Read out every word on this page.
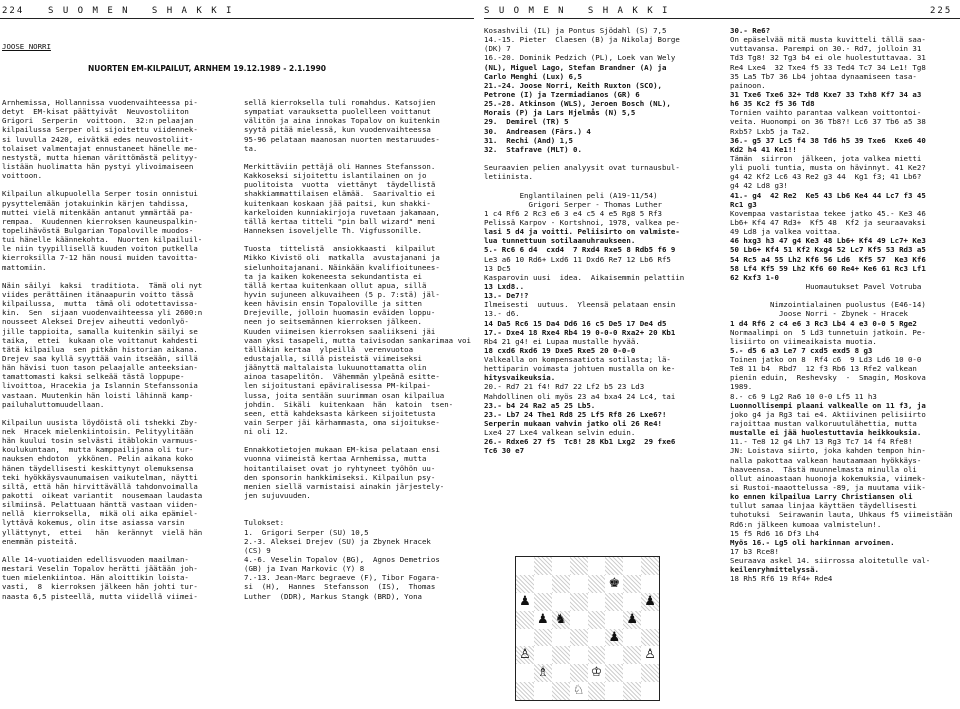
224	S U O M E N   S H A K K I	S U O M E N   S H A K K I	225
JOOSE NORRI
NUORTEN EM-KILPAILUT, ARNHEM 19.12.1989 - 2.1.1990
Arnhemissa, Hollannissa vuodenvaihteessa pi-
detyt  EM-kisat päättyivät  Neuvostoliiton
Grigori  Serperin  voittoon.  32:n pelaajan
kilpailussa Serper oli sijoitettu viidennek-
si luvulla 2420, eivätkä edes neuvostoliit-
tolaiset valmentajat ennustaneet hänelle me-
nestystä, mutta hieman värittömästä pelityy-
listään huolimatta hän pystyi ylivoimaiseen
voittoon.

Kilpailun alkupuolella Serper tosin onnistui
pysyttelemään jotakuinkin kärjen tahdissa,
muttei vielä mitenkään antanut ymmärtää pa-
rempaa.  Kuudennen kierroksen kauneuspalkin-
topelihävöstä Bulgarian Topaloville muodos-
tui hänelle käännekohta.  Nuorten kilpailuil-
le niin tyypillisellä kuuden voiton putkella
kierroksilla 7-12 hän nousi muiden tavoitta-
mattomiin.

Näin säilyi  kaksi  traditiota.  Tämä oli nyt
viides perättäinen itänaapurin voitto tässä
kilpailussa,  mutta  tämä oli odotettavissa-
kin.  Sen  sijaan vuodenvaihteessa yli 2600:n
nousseet Aleksei Drejev aiheutti vedonlyö-
jille tappioita, samalla kuitenkin säilyi se
taika,  ettei  kukaan ole voittanut kahdesti
tätä kilpailua  sen pitkän historian aikana.
Drejev saa kyllä syyttää vain itseään, sillä
hän hävisi tuon tason pelaajalle anteeksian-
tamattomasti kaksi selkeää tästä loppupe-
livoittoa, Hracekia ja Islannin Stefanssonia
vastaan. Muutenkin hän loisti lähinnä kamp-
pailuhaluttomuudellaan.

Kilpailun uusista löydöistä oli tshekki Zby-
nek  Hracek mielenkiintoisin. Pelityylitään
hän kuului tosin selvästi itäblokin varmuus-
koulukuntaan,  mutta kamppailijana oli tur-
nauksen ehdoton  ykkönen. Pelin aikana koko
hänen täydellisesti keskittynyt olemuksensa
teki hyökkäysvaunumaisen vaikutelman, näytti
siltä, että hän hirvittävällä tahdonvoimalla
pakotti  oikeat variantit  nousemaan laudasta
silmiinsä. Pelattuaan hänttä vastaan viiden-
nellä  kierroksella,  mikä oli aika epämiel-
lyttävä kokemus, olin itse asiassa varsin
yllättynyt,  ettei   hän  kerännyt  vielä hän
enemmän pisteitä.

Alle 14-vuotiaiden edellisvuoden maailman-
mestari Veselin Topalov herätti jäätään joh-
tuen mielenkiintoa. Hän aloittikin loista-
vasti,  8  kierroksen jälkeen hän johti tur-
naasta 6,5 pisteellä, mutta viidellä viimei-
sellä kierroksella tuli romahdus. Katsojien
sympatiat varauksetta puolelleen voittanut
välitön ja aina innokas Topalov on kuitenkin
syytä pitää mielessä, kun vuodenvaihteessa
95-96 pelataan maanosan nuorten mestaruudes-
ta.

Merkittäviin pettäjä oli Hannes Stefansson.
Kakkoseksi sijoitettu islantilainen on jo
puolitoista  vuotta  viettänyt  täydellistä
shakkiammattilaisen elämää.  Saarivaltio ei
kuitenkaan koskaan jää paitsi, kun shakki-
karkeloiden kunniakirjoja ruvetaan jakamaan,
tällä kertaa titteli "pin ball wizard" meni
Hanneksen isoveljelle Th. Vigfussonille.

Tuosta  tittelistä  ansiokkaasti  kilpailut
Mikko Kivistö oli  matkalla  avustajanani ja
sielunhoitajanani. Näinkään kvalifioitunees-
ta ja kaiken kokeneesta sekundantista ei
tällä kertaa kuitenkaan ollut apua, sillä
hyvin sujuneen alkuvaiheen (5 p. 7:stä) jäl-
keen hävisin ensin Topaloville ja sitten
Drejeville, jolloin huomasin eväiden loppu-
neen jo seitsemännen kierroksen jälkeen.
Kuuden viimeisen kierroksen saaliikseni jäi
vaan yksi tasapeli, mutta taivisodan sankarimaa voi
tälläkin kertaa  ylpeillä  verenvuotoa
edustajalla, sillä pisteistä viimeiseksi
jäänyttä maltalaista lukuunottamatta olin
ainoa tasapelitön.  Vähemmän ylpeänä esitte-
len sijoitustani epäviralisessa PM-kilpai-
lussa, joita sentään suurimman osan kilpailua
johdin.  Sikäli  kuitenkaan  hän  katoin  tsen-
seen, että kahdeksasta kärkeen sijoitetusta
vain Serper jäi kärhammasta, oma sijoitukse-
ni oli 12.

Ennakkotietojen mukaan EM-kisa pelataan ensi
vuonna viimeistä kertaa Arnhemissa, mutta
hoitantilaiset ovat jo ryhtyneet työhön uu-
den sponsorin hankkimiseksi. Kilpailun psy-
menien siellä varmistaisi ainakin järjestely-
jen sujuvuuden.

Tulokset:
1.  Grigori Serper (SU) 10,5
2.-3. Aleksei Drejev (SU) ja Zbynek Hracek
(CS) 9
4.-6. Veselin Topalov (BG),  Agnos Demetrios
(GB) ja Ivan Markovic (Y) 8
7.-13. Jean-Marc begraeve (F), Tibor Fogara-
si  (H),  Hannes  Stefansson  (IS),  Thomas
Luther  (DDR), Markus Stangk (BRD), Yona
Kosashvili (IL) ja Pontus Sjödahl (S) 7,5
14.-15. Pieter  Claesen (B) ja Nikolaj Borge
(DK) 7
16.-20. Dominik Pedzich (PL), Loek van Wely
(NL), Miguel Lago, Stefan Brandner (A) ja
Carlo Menghi (Lux) 6,5
21.-24. Joose Norri, Keith Ruxton (SCO),
Petrone (I) ja Tzermiadianos (GR) 6
25.-28. Atkinson (WLS), Jeroen Bosch (NL),
Morais (P) ja Lars Hjelmås (N) 5,5
29.  Demirel (TR) 5
30.  Andreasen (Färs.) 4
31.  Rechi (And) 1,5
32.  Stafrave (MLT) 0.

Seuraavien pelien analyysit ovat turnausbul-
letiinista.

Englantilainen peli (A19-11/54)
Grigori Serper - Thomas Luther
1 c4 Rf6 2 Rc3 e6 3 e4 c5 4 e5 Rg8 5 Rf3
Pelissä Karpov - Kortshnoi, 1978, valkea pe-
lasi 5 d4 ja voitti. Peliisirto on valmiste-
lua tunnettuun sotilaanuhraukseen.
5.- Rc6 6 d4  cxd4  7 Rxd4 Rxe5 8 Rdb5 f6 9
Le3 a6 10 Rd6+ Lxd6 11 Dxd6 Re7 12 Lb6 Rf5
13 Dc5
Kasparovin uusi  idea.  Aikaisemmin pelattiin
13 Lxd8..
13.- De7!?
Ilmeisesti  uutuus.  Yleensä pelataan ensin
13.- d6.
14 Da5 Rc6 15 Da4 Dd6 16 c5 De5 17 De4 d5
17.- Dxe4 18 Rxe4 Rb4 19 0-0-0 Rxa2+ 20 Kb1
Rb4 21 g4! ei Lupaa mustalle hyvää.
18 cxd6 Rxd6 19 Dxe5 Rxe5 20 0-0-0
Valkealla on kompensaatiota sotilasta; lä-
hettiparin voimasta johtuen mustalla on ke-
hitysvaikeuksia.
20.- Rd7 21 f4! Rd7 22 Lf2 b5 23 Ld3
Mahdollinen oli myös 23 a4 bxa4 24 Lc4, tai
23.- b4 24 Ra2 a5 25 Lb5.
23.- Lb7 24 The1 Rd8 25 Lf5 Rf8 26 Lxe6?!
Serperin mukaan vahvin jatko oli 26 Re4!
Lxe4 27 Lxe4 valkean selvin eduin.
26.- Rdxe6 27 f5  Tc8! 28 Kb1 Lxg2  29 fxe6
Tc6 30 e7
30.- Re6?
On epäselvää mitä musta kuvitteli tällä saa-
vuttavansa. Parempi on 30.- Rd7, jolloin 31
Td3 Tg8! 32 Tg3 b4 ei ole huolestuttavaa. 31
Re4 Lxe4  32 Txe4 f5 33 Ted4 Tc7 34 Le1! Tg8
35 La5 Tb7 36 Lb4 johtaa dynaamiseen tasa-
painoon.
31 Txe6 Txe6 32+ Td8 Kxe7 33 Txh8 Kf7 34 a3
h6 35 Kc2 f5 36 Td8
Tornien vaihto parantaa valkean voittontoi-
veita. Huonompi on 36 Tb8?! Lc6 37 Tb6 a5 38
Rxb5? Lxb5 ja Ta2.
36.- g5 37 Lc5 f4 38 Td6 h5 39 Txe6  Kxe6 40
Kd2 h4 41 Ke1!!
Tämän  siirron  jälkeen, jota valkea mietti
yli puoli tuntia, musta on hävinnyt. 41 Ke2?
g4 42 Kf2 Lc6 43 Re2 g3 44  Kg1 f3; 41 Lb6?
g4 42 Ld8 g3!
41.- g4  42 Re2  Ke5 43 Lb6 Ke4 44 Lc7 f3 45
Rc1 g3
Kovempaa vastaristaa tekee jatko 45.- Ke3 46
Lb6+ Kf4 47 Rd3+  Kf5 48  Kf2 ja seuraavaksi
49 Ld8 ja valkea voittaa.
46 hxg3 h3 47 g4 Ke3 48 Lb6+ Kf4 49 Lc7+ Ke3
50 Lb6+ Kf4 51 Kf2 Kxg4 52 Lc7 Kf5 53 Rd3 a5
54 Rc5 a4 55 Lh2 Kf6 56 Ld6  Kf5 57  Ke3 Kf6
58 Lf4 Kf5 59 Lh2 Kf6 60 Re4+ Ke6 61 Rc3 Lf1
62 Kxf3 1-0
Huomautukset Pavel Votruba

Nimzointialainen puolustus (E46-14)
Joose Norri - Zbynek - Hracek
1 d4 Rf6 2 c4 e6 3 Rc3 Lb4 4 e3 0-0 5 Rge2
Normaalimpi on  5 Ld3 tunnetuin jatkoin. Pe-
lisiirto on viimeaikaista muotia.
5.- d5 6 a3 Le7 7 cxd5 exd5 8 g3
Toinen jatko on 8  Rf4 c6  9 Ld3 Ld6 10 0-0
Te8 11 b4  Rbd7  12 f3 Rb6 13 Rfe2 valkean
pienin eduin,  Reshevsky  -  Smagin, Moskova
1989.
8.- c6 9 Lg2 Ra6 10 0-0 Lf5 11 h3
Luonnollisempi plaani valkealle on 11 f3, ja
joko g4 ja Rg3 tai e4. Aktiivinen pelisiirto
rajoittaa mustan valkoruutulähettia, mutta
mustalle ei jää huolestuttavia heikkouksia.
11.- Te8 12 g4 Lh7 13 Rg3 Tc7 14 f4 Rfe8!
JN: Loistava siirto, joka kahden tempon hin-
nalla pakottaa valkean hautaamaan hyökkäys-
haaveensa.  Tästä muunnelmasta minulla oli
ollut ainoastaan huonoja kokemuksia, viimek-
si Rustoi-maaottelussa -89, ja muutama viik-
ko ennen kilpailua Larry Christiansen oli
tullut samaa linjaa käyttäen täydellisesti
tuhotuksi  Seirawanin lauta, Uhkaus f5 viimeistään
Rd6:n jälkeen kumoaa valmistelun!.
15 f5 Rd6 16 Df3 Lh4
Myös 16.- Lg5 oli harkinnan arvoinen.
17 b3 Rce8!
Seuraava askel 14. siirrossa aloitetulle val-
keilenryhmittelyssä.
18 Rh5 Rf6 19 Rf4+ Rde4
♚
♟	♟
♟ ♞	♟
♟
♙	♙
♗	♔
♘
